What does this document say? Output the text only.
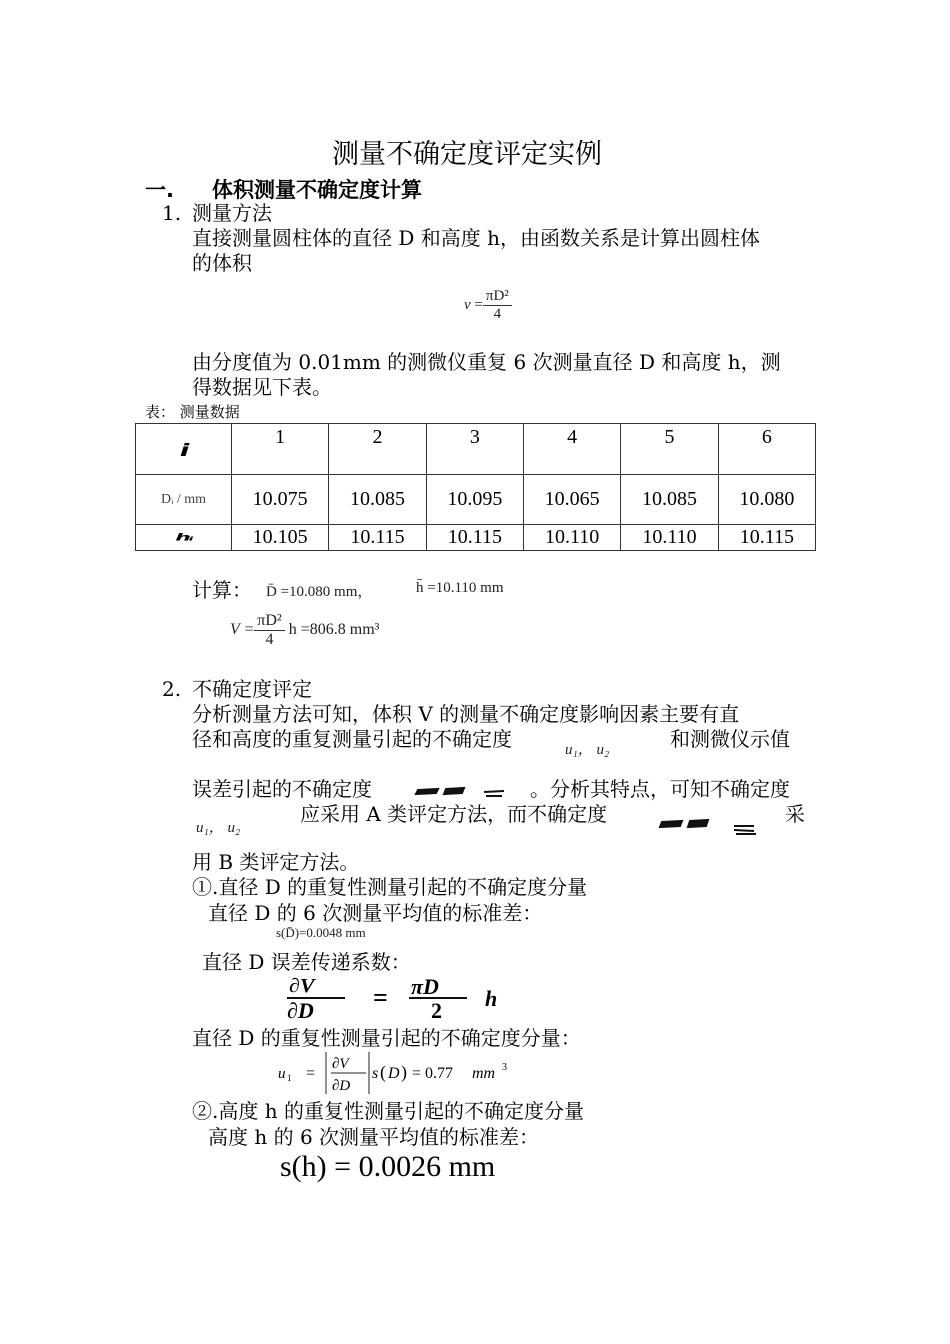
测量不确定度评定实例
一. 体积测量不确定度计算
1. 测量方法
直接测量圆柱体的直径 D 和高度 h，由函数关系是计算出圆柱体
的体积
$v = \frac{\text{πD²}}{4}$
由分度值为 0.01mm 的测微仪重复 6 次测量直径 D 和高度 h，测
得数据见下表。
表： 测量数据
i	1	2	3	4	5	6
Dᵢ / mm	10.075	10.085	10.095	10.065	10.085	10.080
hᵢ	10.105	10.115	10.115	10.110	10.110	10.115
计算： D̄ =10.080 mm，	h̄ =10.110 mm
$V = \frac{\text{πD²}}{4}$ h =806.8 mm³
2. 不确定度评定
分析测量方法可知，体积 V 的测量不确定度影响因素主要有直
径和高度的重复测量引起的不确定度	u₁， u₂	和测微仪示值
误差引起的不确定度	。分析其特点，可知不确定度
u₁， u₂
应采用 A 类评定方法，而不确定度	采
用 B 类评定方法。
①.直径 D 的重复性测量引起的不确定度分量
直径 D 的 6 次测量平均值的标准差：
s(D̄)=0.0048 mm
直径 D 误差传递系数：
∂V
∂D = πD
2 h
直径 D 的重复性测量引起的不确定度分量：
u 1 =
∂V
∂D
s ( D ) = 0.77 mm 3
②.高度 h 的重复性测量引起的不确定度分量
高度 h 的 6 次测量平均值的标准差：
s(h) = 0.0026 mm
